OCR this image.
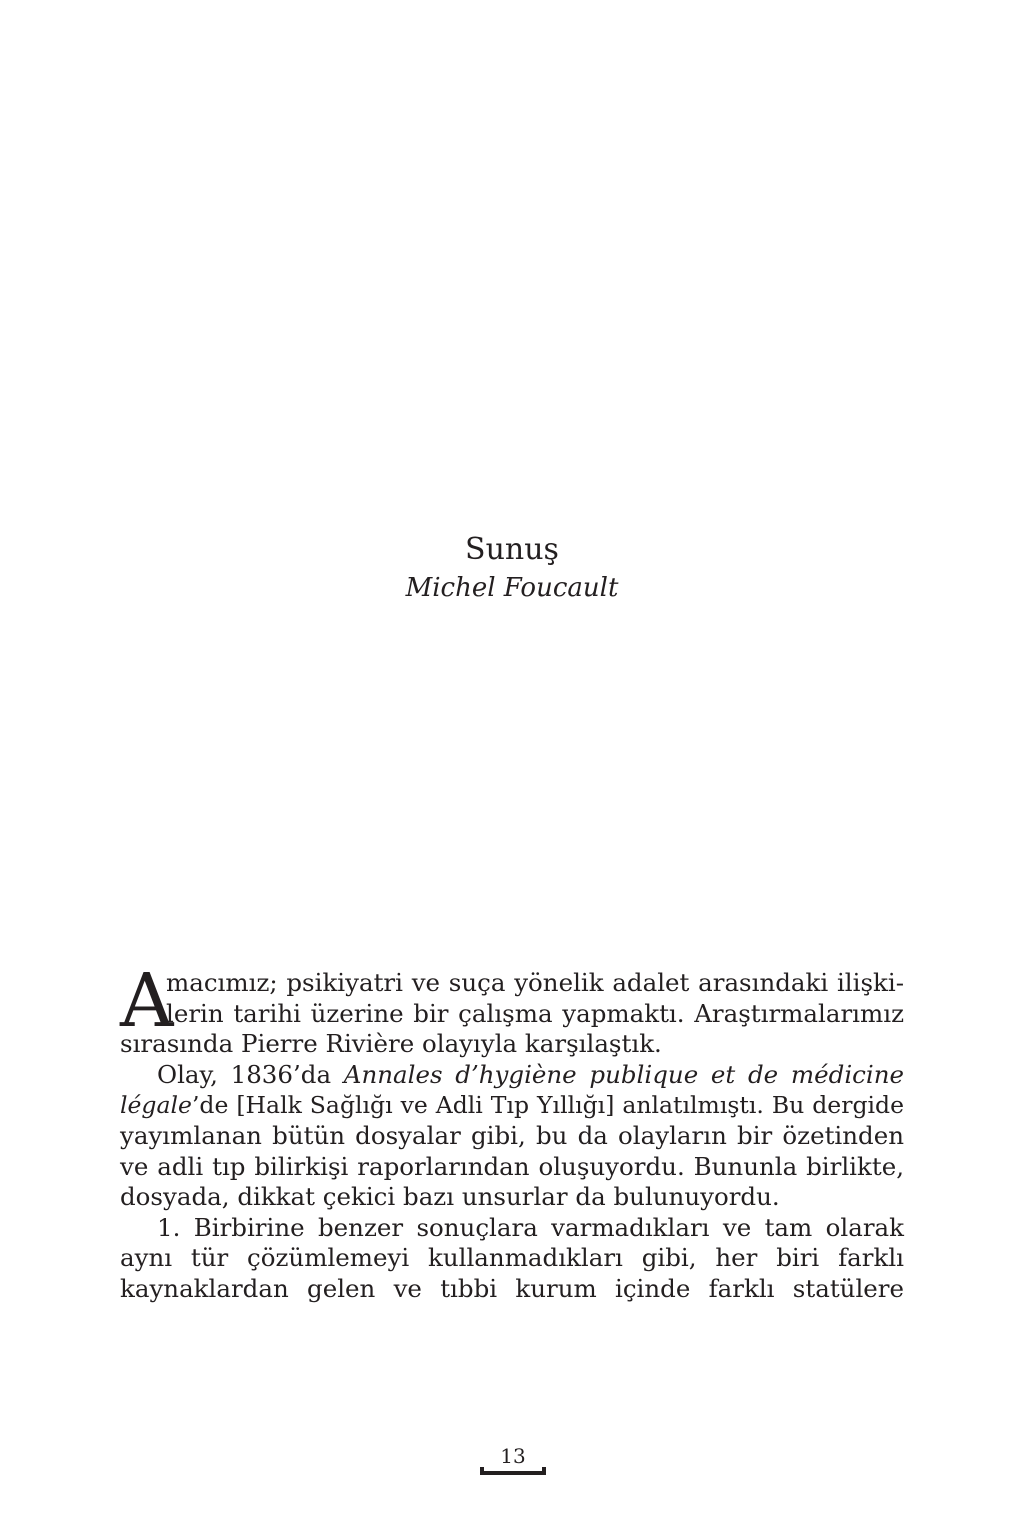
Sunuş

Michel Foucault

A
macımız; psikiyatri ve suça yönelik adalet arasındaki ilişki-
lerin tarihi üzerine bir çalışma yapmaktı. Araştırmalarımız
sırasında Pierre Rivière olayıyla karşılaştık.
Olay, 1836’da Annales d’hygiène publique et de médicine
légale’de [Halk Sağlığı ve Adli Tıp Yıllığı] anlatılmıştı. Bu dergide
yayımlanan bütün dosyalar gibi, bu da olayların bir özetinden
ve adli tıp bilirkişi raporlarından oluşuyordu. Bununla birlikte,
dosyada, dikkat çekici bazı unsurlar da bulunuyordu.
1. Birbirine benzer sonuçlara varmadıkları ve tam olarak
aynı tür çözümlemeyi kullanmadıkları gibi, her biri farklı
kaynaklardan gelen ve tıbbi kurum içinde farklı statülere
13
